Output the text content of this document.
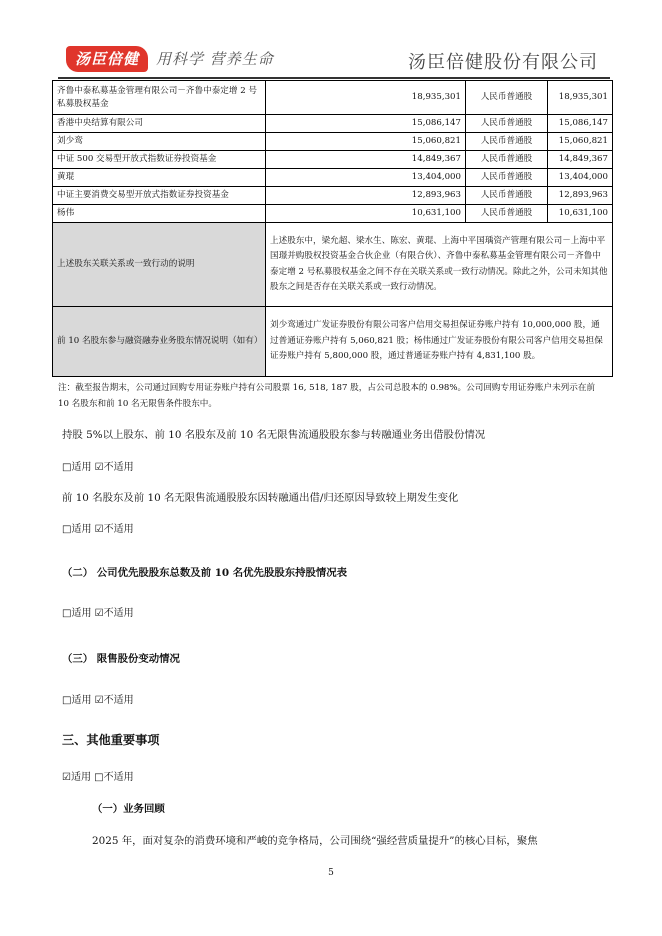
汤臣倍健	用科学 营养生命	汤臣倍健股份有限公司
齐鲁中泰私募基金管理有限公司－齐鲁中泰定增 2 号私募股权基金	18,935,301	人民币普通股	18,935,301
香港中央结算有限公司	15,086,147	人民币普通股	15,086,147
刘少鸾	15,060,821	人民币普通股	15,060,821
中证 500 交易型开放式指数证券投资基金	14,849,367	人民币普通股	14,849,367
黄琨	13,404,000	人民币普通股	13,404,000
中证主要消费交易型开放式指数证券投资基金	12,893,963	人民币普通股	12,893,963
杨伟	10,631,100	人民币普通股	10,631,100
上述股东关联关系或一致行动的说明	上述股东中，梁允超、梁水生、陈宏、黄琨、上海中平国瑀资产管理有限公司－上海中平国璟并购股权投资基金合伙企业（有限合伙）、齐鲁中泰私募基金管理有限公司－齐鲁中泰定增 2 号私募股权基金之间不存在关联关系或一致行动情况。除此之外，公司未知其他股东之间是否存在关联关系或一致行动情况。		
前 10 名股东参与融资融券业务股东情况说明（如有）	刘少鸾通过广发证券股份有限公司客户信用交易担保证券账户持有 10,000,000 股，通过普通证券账户持有 5,060,821 股；杨伟通过广发证券股份有限公司客户信用交易担保证券账户持有 5,800,000 股，通过普通证券账户持有 4,831,100 股。		
注：截至报告期末，公司通过回购专用证券账户持有公司股票 16, 518, 187 股，占公司总股本的 0.98%。公司回购专用证券账户未列示在前 10 名股东和前 10 名无限售条件股东中。
持股 5%以上股东、前 10 名股东及前 10 名无限售流通股股东参与转融通业务出借股份情况
□适用 ☑不适用
前 10 名股东及前 10 名无限售流通股股东因转融通出借/归还原因导致较上期发生变化
□适用 ☑不适用
（二） 公司优先股股东总数及前 10 名优先股股东持股情况表
□适用 ☑不适用
（三） 限售股份变动情况
□适用 ☑不适用
三、其他重要事项
☑适用 □不适用
（一）业务回顾
2025 年，面对复杂的消费环境和严峻的竞争格局，公司围绕“强经营质量提升”的核心目标，聚焦
5
